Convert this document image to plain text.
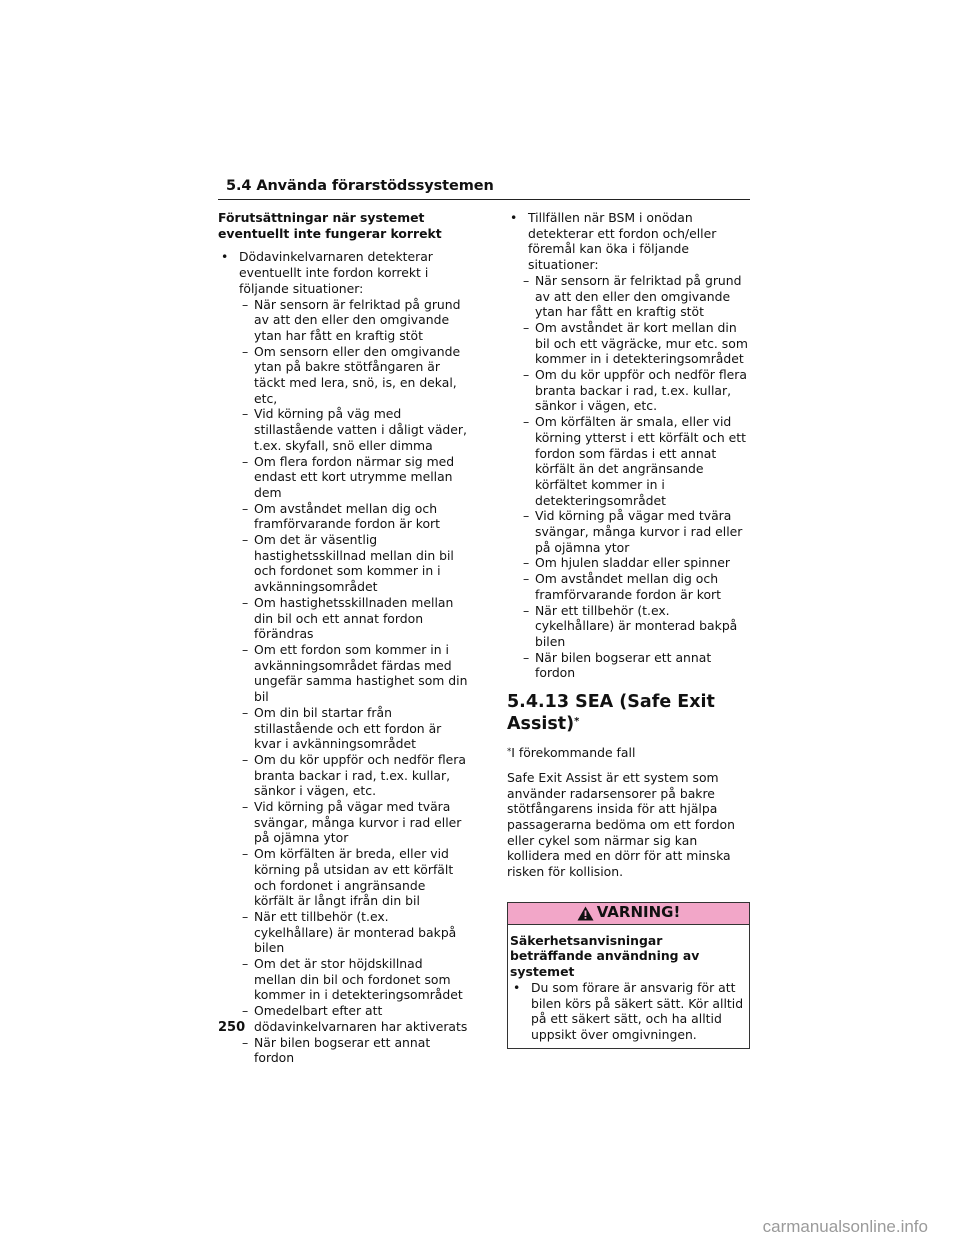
5.4 Använda förarstödssystemen
Förutsättningar när systemet eventuellt inte fungerar korrekt
• Dödavinkelvarnaren detekterar eventuellt inte fordon korrekt i följande situationer:
– När sensorn är felriktad på grund av att den eller den omgivande ytan har fått en kraftig stöt
– Om sensorn eller den omgivande ytan på bakre stötfångaren är täckt med lera, snö, is, en dekal, etc,
– Vid körning på väg med stillastående vatten i dåligt väder, t.ex. skyfall, snö eller dimma
– Om flera fordon närmar sig med endast ett kort utrymme mellan dem
– Om avståndet mellan dig och framförvarande fordon är kort
– Om det är väsentlig hastighetsskillnad mellan din bil och fordonet som kommer in i avkänningsområdet
– Om hastighetsskillnaden mellan din bil och ett annat fordon förändras
– Om ett fordon som kommer in i avkänningsområdet färdas med ungefär samma hastighet som din bil
– Om din bil startar från stillastående och ett fordon är kvar i avkänningsområdet
– Om du kör uppför och nedför flera branta backar i rad, t.ex. kullar, sänkor i vägen, etc.
– Vid körning på vägar med tvära svängar, många kurvor i rad eller på ojämna ytor
– Om körfälten är breda, eller vid körning på utsidan av ett körfält och fordonet i angränsande körfält är långt ifrån din bil
– När ett tillbehör (t.ex. cykelhållare) är monterad bakpå bilen
– Om det är stor höjdskillnad mellan din bil och fordonet som kommer in i detekteringsområdet
– Omedelbart efter att dödavinkelvarnaren har aktiverats
– När bilen bogserar ett annat fordon
• Tillfällen när BSM i onödan detekterar ett fordon och/eller föremål kan öka i följande situationer:
– När sensorn är felriktad på grund av att den eller den omgivande ytan har fått en kraftig stöt
– Om avståndet är kort mellan din bil och ett vägräcke, mur etc. som kommer in i detekteringsområdet
– Om du kör uppför och nedför flera branta backar i rad, t.ex. kullar, sänkor i vägen, etc.
– Om körfälten är smala, eller vid körning ytterst i ett körfält och ett fordon som färdas i ett annat körfält än det angränsande körfältet kommer in i detekteringsområdet
– Vid körning på vägar med tvära svängar, många kurvor i rad eller på ojämna ytor
– Om hjulen sladdar eller spinner
– Om avståndet mellan dig och framförvarande fordon är kort
– När ett tillbehör (t.ex. cykelhållare) är monterad bakpå bilen
– När bilen bogserar ett annat fordon
5.4.13 SEA (Safe Exit Assist)*
*I förekommande fall
Safe Exit Assist är ett system som använder radarsensorer på bakre stötfångarens insida för att hjälpa passagerarna bedöma om ett fordon eller cykel som närmar sig kan kollidera med en dörr för att minska risken för kollision.
VARNING!
Säkerhetsanvisningar beträffande användning av systemet
• Du som förare är ansvarig för att bilen körs på säkert sätt. Kör alltid på ett säkert sätt, och ha alltid uppsikt över omgivningen.
250
carmanualsonline.info
